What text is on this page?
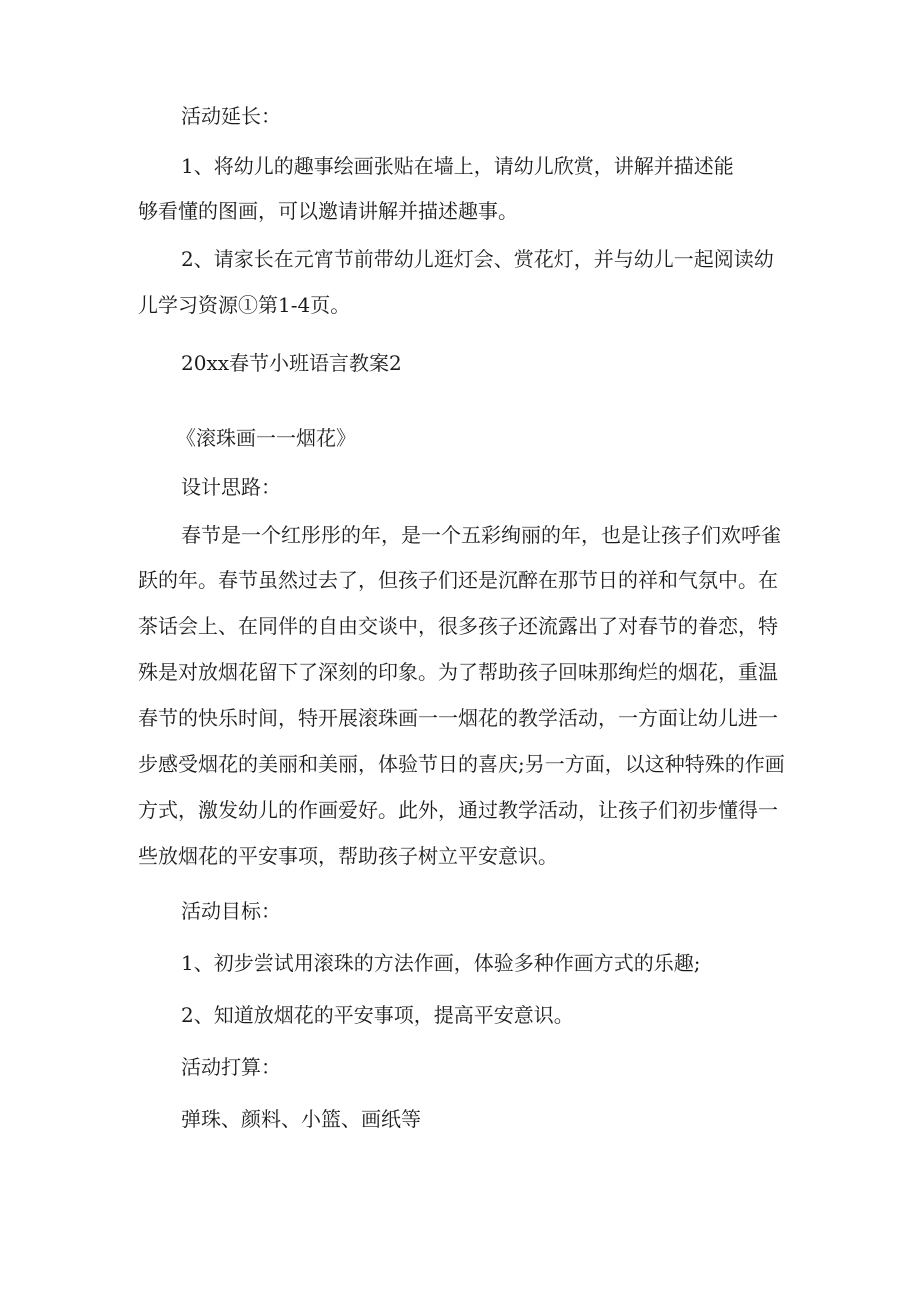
活动延长：

1、将幼儿的趣事绘画张贴在墙上，请幼儿欣赏，讲解并描述能

够看懂的图画，可以邀请讲解并描述趣事。

2、请家长在元宵节前带幼儿逛灯会、赏花灯，并与幼儿一起阅读幼

儿学习资源①第1-4页。

20xx春节小班语言教案2

《滚珠画一一烟花》

设计思路：

春节是一个红彤彤的年，是一个五彩绚丽的年，也是让孩子们欢呼雀

跃的年。春节虽然过去了，但孩子们还是沉醉在那节日的祥和气氛中。在

茶话会上、在同伴的自由交谈中，很多孩子还流露出了对春节的眷恋，特

殊是对放烟花留下了深刻的印象。为了帮助孩子回味那绚烂的烟花，重温

春节的快乐时间，特开展滚珠画一一烟花的教学活动，一方面让幼儿进一

步感受烟花的美丽和美丽，体验节日的喜庆;另一方面，以这种特殊的作画

方式，激发幼儿的作画爱好。此外，通过教学活动，让孩子们初步懂得一

些放烟花的平安事项，帮助孩子树立平安意识。

活动目标：

1、初步尝试用滚珠的方法作画，体验多种作画方式的乐趣;

2、知道放烟花的平安事项，提高平安意识。

活动打算：

弹珠、颜料、小篮、画纸等
